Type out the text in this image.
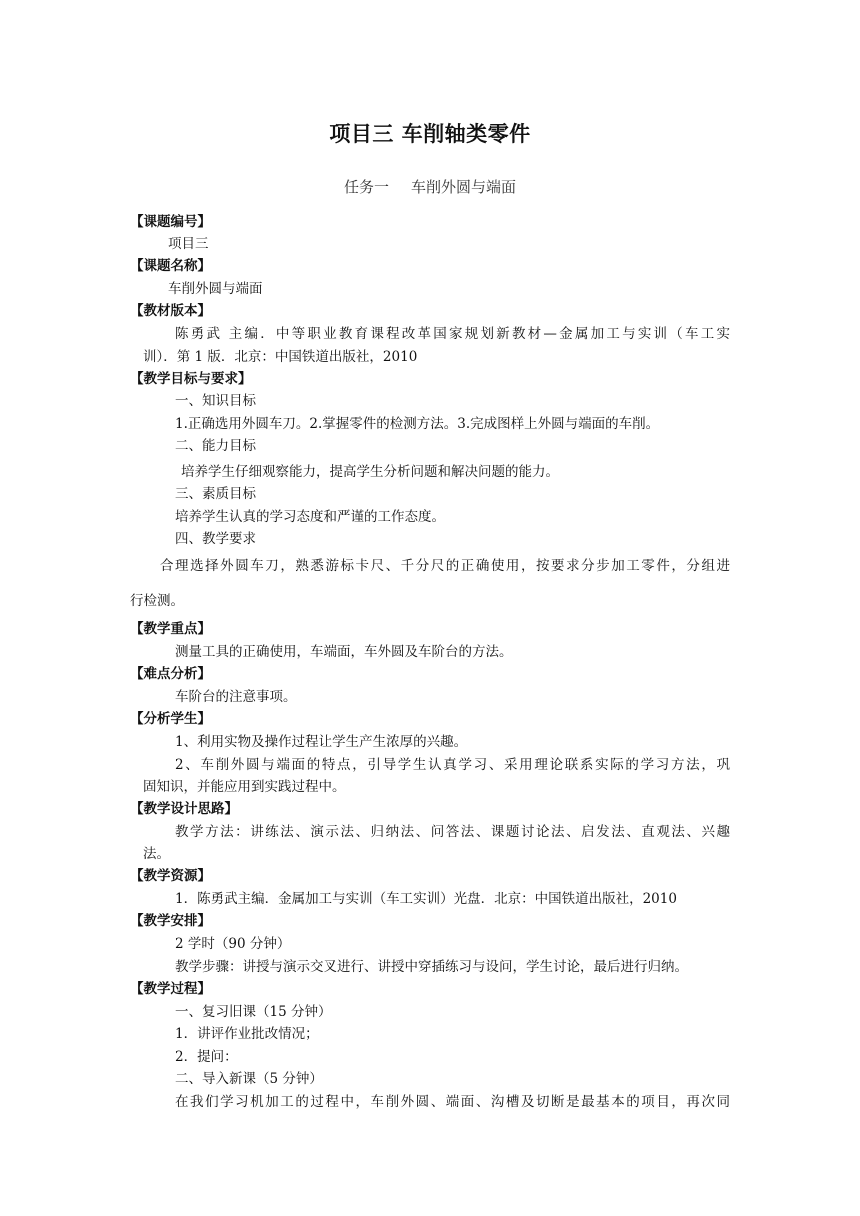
项目三 车削轴类零件
任务一 车削外圆与端面
【课题编号】
项目三
【课题名称】
车削外圆与端面
【教材版本】
陈勇武 主编．中等职业教育课程改革国家规划新教材—金属加工与实训（车工实
训）．第 1 版．北京：中国铁道出版社，2010
【教学目标与要求】
一、知识目标
1.正确选用外圆车刀。2.掌握零件的检测方法。3.完成图样上外圆与端面的车削。
二、能力目标
培养学生仔细观察能力，提高学生分析问题和解决问题的能力。
三、素质目标
培养学生认真的学习态度和严谨的工作态度。
四、教学要求
合理选择外圆车刀，熟悉游标卡尺、千分尺的正确使用，按要求分步加工零件，分组进
行检测。
【教学重点】
测量工具的正确使用，车端面，车外圆及车阶台的方法。
【难点分析】
车阶台的注意事项。
【分析学生】
1、利用实物及操作过程让学生产生浓厚的兴趣。
2、车削外圆与端面的特点，引导学生认真学习、采用理论联系实际的学习方法，巩
固知识，并能应用到实践过程中。
【教学设计思路】
教学方法：讲练法、演示法、归纳法、问答法、课题讨论法、启发法、直观法、兴趣
法。
【教学资源】
1．陈勇武主编．金属加工与实训（车工实训）光盘．北京：中国铁道出版社，2010
【教学安排】
2 学时（90 分钟）
教学步骤：讲授与演示交叉进行、讲授中穿插练习与设问，学生讨论，最后进行归纳。
【教学过程】
一、复习旧课（15 分钟）
1．讲评作业批改情况；
2．提问：
二、导入新课（5 分钟）
在我们学习机加工的过程中，车削外圆、端面、沟槽及切断是最基本的项目，再次同
